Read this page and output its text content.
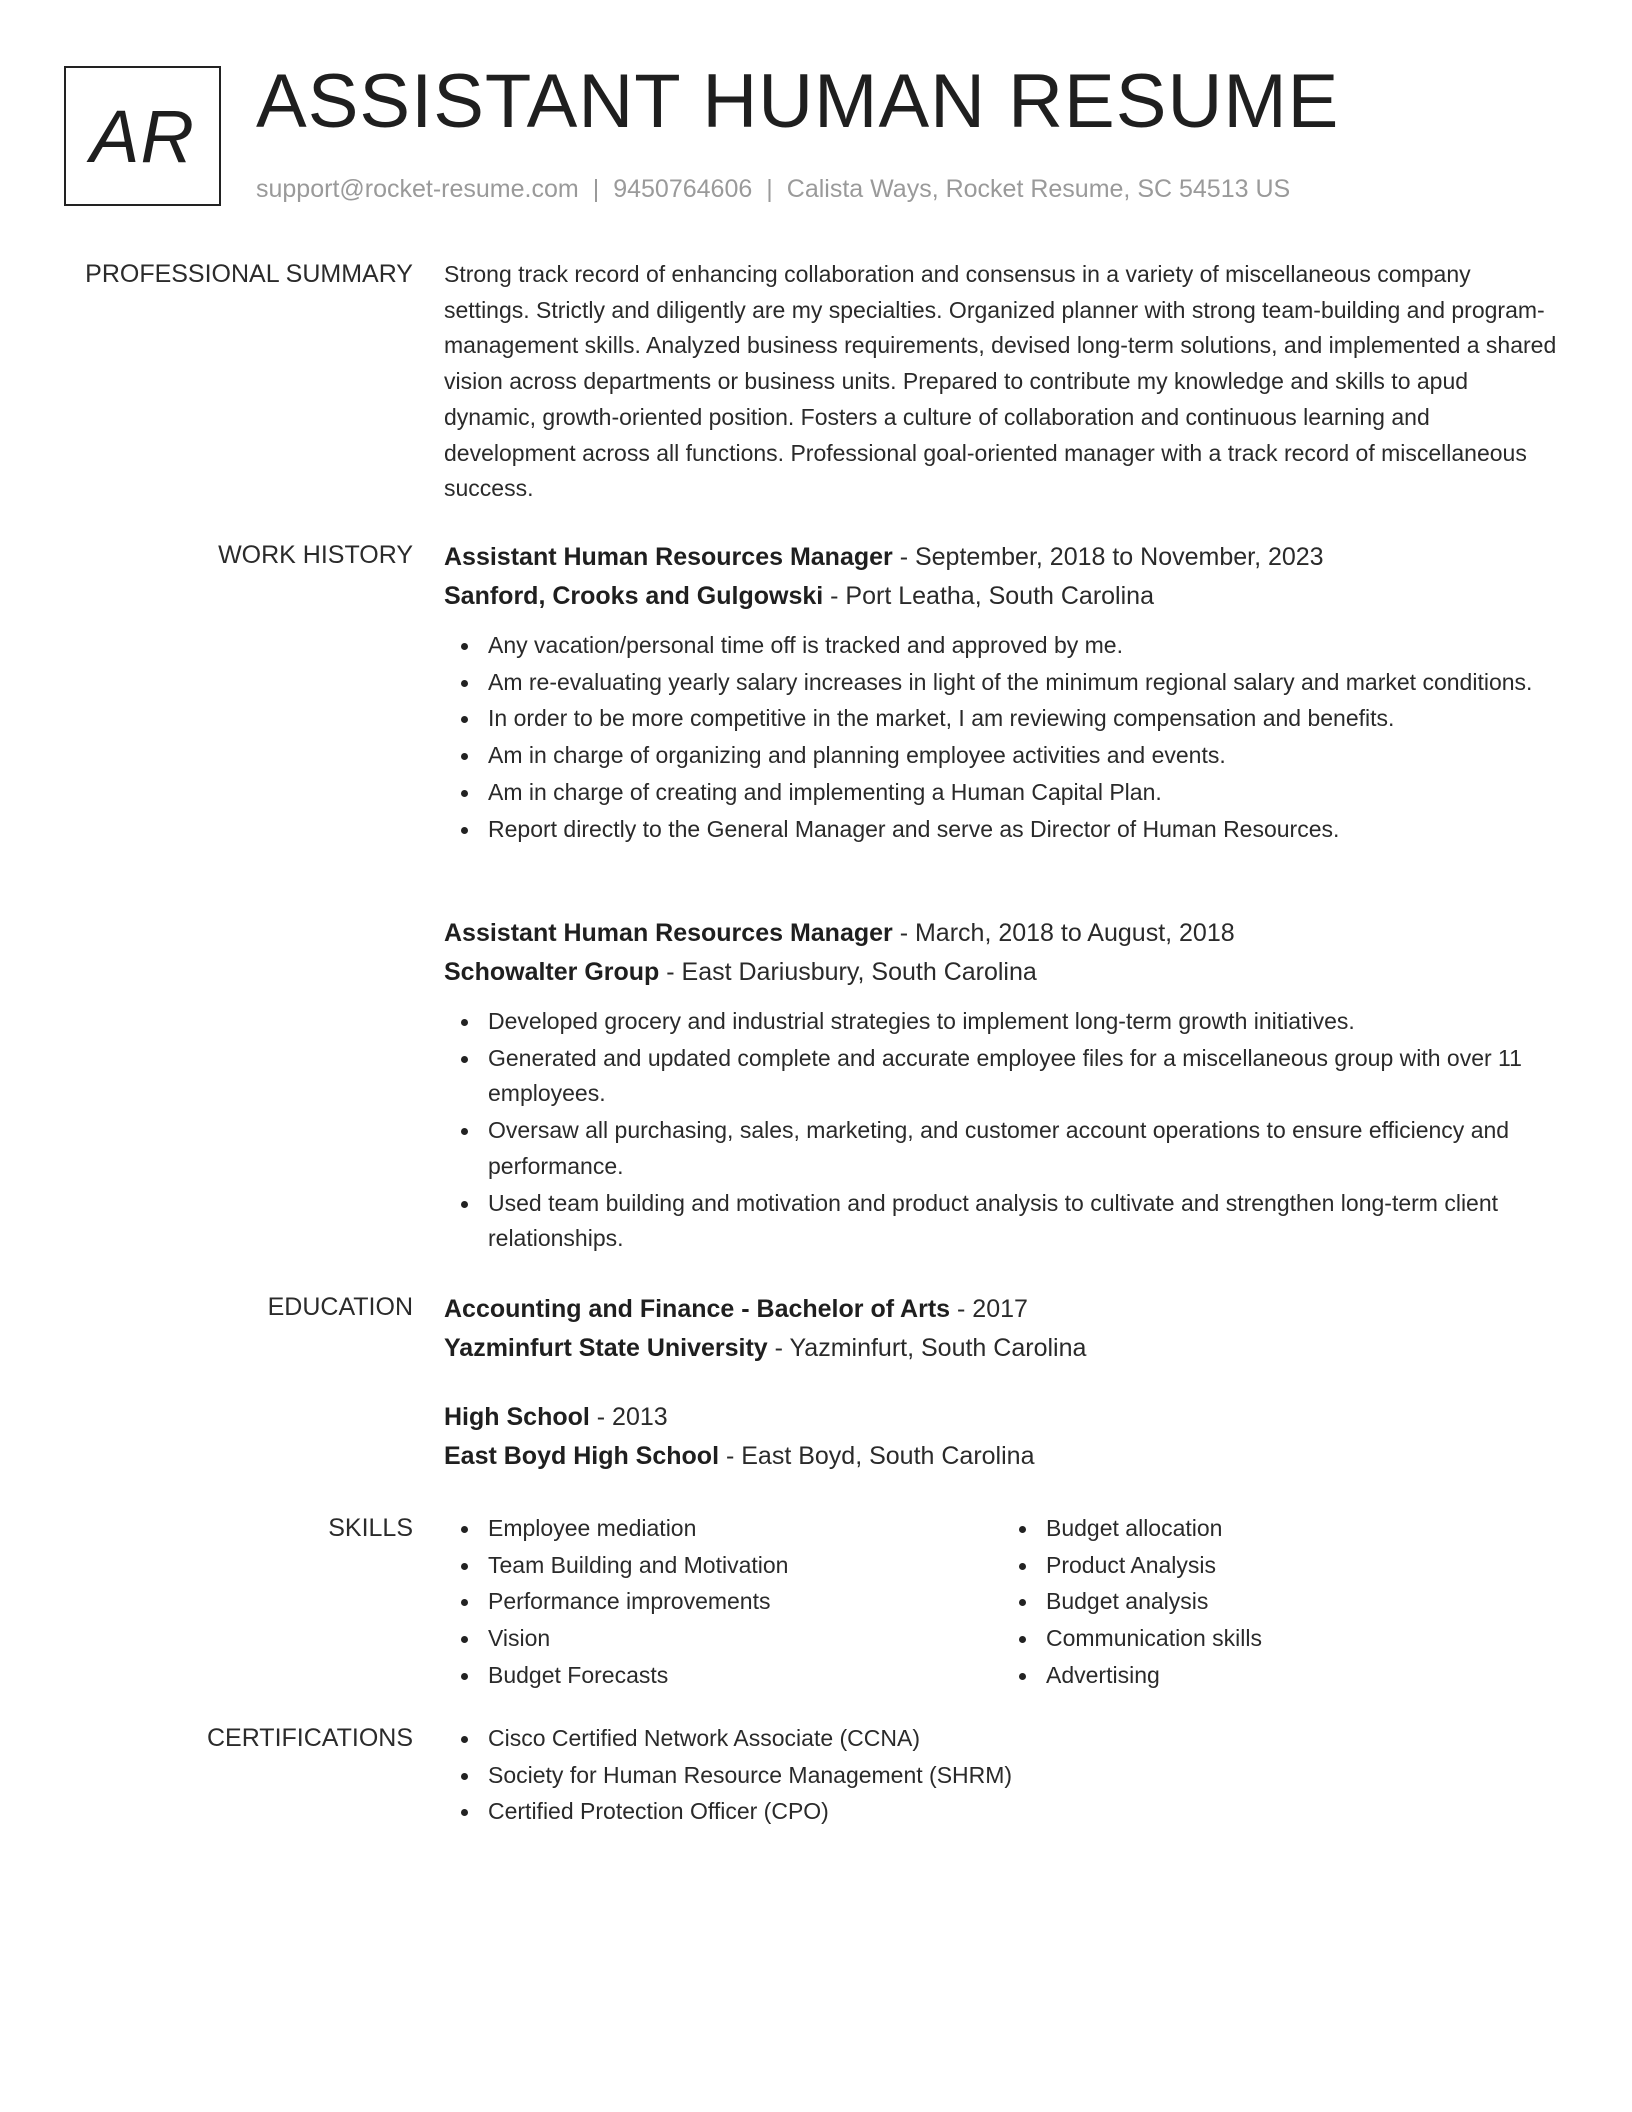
AR ASSISTANT HUMAN RESUME
support@rocket-resume.com | 9450764606 | Calista Ways, Rocket Resume, SC 54513 US
PROFESSIONAL SUMMARY Strong track record of enhancing collaboration and consensus in a variety of miscellaneous company settings. Strictly and diligently are my specialties. Organized planner with strong team-building and program-management skills. Analyzed business requirements, devised long-term solutions, and implemented a shared vision across departments or business units. Prepared to contribute my knowledge and skills to apud dynamic, growth-oriented position. Fosters a culture of collaboration and continuous learning and development across all functions. Professional goal-oriented manager with a track record of miscellaneous success.

WORK HISTORY Assistant Human Resources Manager - September, 2018 to November, 2023
Sanford, Crooks and Gulgowski - Port Leatha, South Carolina
Any vacation/personal time off is tracked and approved by me.
Am re-evaluating yearly salary increases in light of the minimum regional salary and market conditions.
In order to be more competitive in the market, I am reviewing compensation and benefits.
Am in charge of organizing and planning employee activities and events.
Am in charge of creating and implementing a Human Capital Plan.
Report directly to the General Manager and serve as Director of Human Resources.
Assistant Human Resources Manager - March, 2018 to August, 2018
Schowalter Group - East Dariusbury, South Carolina
Developed grocery and industrial strategies to implement long-term growth initiatives.
Generated and updated complete and accurate employee files for a miscellaneous group with over 11 employees.
Oversaw all purchasing, sales, marketing, and customer account operations to ensure efficiency and performance.
Used team building and motivation and product analysis to cultivate and strengthen long-term client relationships.
EDUCATION Accounting and Finance - Bachelor of Arts - 2017
Yazminfurt State University - Yazminfurt, South Carolina
High School - 2013
East Boyd High School - East Boyd, South Carolina
SKILLS	Employee mediation
Team Building and Motivation
Performance improvements
Vision
Budget Forecasts
Budget allocation
Product Analysis
Budget analysis
Communication skills
Advertising
CERTIFICATIONS	Cisco Certified Network Associate (CCNA)
Society for Human Resource Management (SHRM)
Certified Protection Officer (CPO)
